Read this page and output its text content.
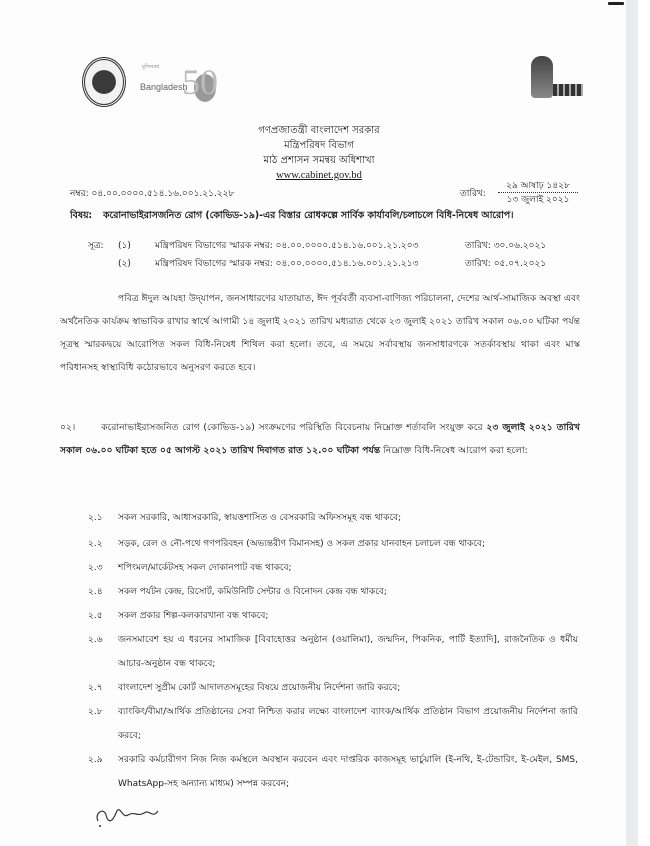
মুজিববর্ষ
Bangladesh
50
গণপ্রজাতন্ত্রী বাংলাদেশ সরকার
মন্ত্রিপরিষদ বিভাগ
মাঠ প্রশাসন সমন্বয় অধিশাখা
www.cabinet.gov.bd
নম্বর: ০৪.০০.০০০০.৫১৪.১৬.০০১.২১.২২৮	তারিখ:
২৯ আষাঢ় ১৪২৮
১৩ জুলাই ২০২১
বিষয়: করোনাভাইরাসজনিত রোগ (কোভিড-১৯)-এর বিস্তার রোধকল্পে সার্বিক কার্যাবলি/চলাচলে বিধি-নিষেধ আরোপ।
সূত্র: (১)	মন্ত্রিপরিষদ বিভাগের স্মারক নম্বর: ০৪.০০.০০০০.৫১৪.১৬.০০১.২১.২০৩	তারিখ: ৩০.০৬.২০২১
(২)	মন্ত্রিপরিষদ বিভাগের স্মারক নম্বর: ০৪.০০.০০০০.৫১৪.১৬.০০১.২১.২১৩	তারিখ: ০৫.০৭.২০২১
পবিত্র ঈদুল আযহা উদ্‌যাপন, জনসাধারণের যাতায়াত, ঈদ পূর্ববর্তী ব্যবসা-বাণিজ্য পরিচালনা, দেশের আর্থ-সামাজিক অবস্থা এবং অর্থনৈতিক কার্যক্রম স্বাভাবিক রাখার স্বার্থে আগামী ১৪ জুলাই ২০২১ তারিখ মধ্যরাত থেকে ২৩ জুলাই ২০২১ তারিখ সকাল ০৬.০০ ঘটিকা পর্যন্ত সূত্রস্থ স্মারকদ্বয়ে আরোপিত সকল বিধি-নিষেধ শিথিল করা হলো। তবে, এ সময়ে সর্বাবস্থায় জনসাধারণকে সতর্কাবস্থায় থাকা এবং মাস্ক পরিধানসহ স্বাস্থ্যবিধি কঠোরভাবে অনুসরণ করতে হবে।
০২।	করোনাভাইরাসজনিত রোগ (কোভিড-১৯) সংক্রমণের পরিস্থিতি বিবেচনায় নিম্নোক্ত শর্তাবলি সংযুক্ত করে ২৩ জুলাই ২০২১ তারিখ সকাল ০৬.০০ ঘটিকা হতে ০৫ আগস্ট ২০২১ তারিখ দিবাগত রাত ১২.০০ ঘটিকা পর্যন্ত নিম্নোক্ত বিধি-নিষেধ আরোপ করা হলো:
২.১ সকল সরকারি, আধাসরকারি, স্বায়ত্তশাসিত ও বেসরকারি অফিসসমূহ বন্ধ থাকবে;
২.২ সড়ক, রেল ও নৌ-পথে গণপরিবহন (অভ্যন্তরীণ বিমানসহ) ও সকল প্রকার যানবাহন চলাচল বন্ধ থাকবে;
২.৩ শপিংমল/মার্কেটসহ সকল দোকানপাট বন্ধ থাকবে;
২.৪ সকল পর্যটন কেন্দ্র, রিসোর্ট, কমিউনিটি সেন্টার ও বিনোদন কেন্দ্র বন্ধ থাকবে;
২.৫ সকল প্রকার শিল্প-কলকারখানা বন্ধ থাকবে;
২.৬ জনসমাবেশ হয় এ ধরনের সামাজিক [বিবাহোত্তর অনুষ্ঠান (ওয়ালিমা), জন্মদিন, পিকনিক, পার্টি ইত্যাদি], রাজনৈতিক ও ধর্মীয় আচার-অনুষ্ঠান বন্ধ থাকবে;
২.৭ বাংলাদেশ সুপ্রীম কোর্ট আদালতসমূহের বিষয়ে প্রয়োজনীয় নির্দেশনা জারি করবে;
২.৮ ব্যাংকিং/বীমা/আর্থিক প্রতিষ্ঠানের সেবা নিশ্চিত করার লক্ষ্যে বাংলাদেশ ব্যাংক/আর্থিক প্রতিষ্ঠান বিভাগ প্রয়োজনীয় নির্দেশনা জারি করবে;
২.৯ সরকারি কর্মচারীগণ নিজ নিজ কর্মস্থলে অবস্থান করবেন এবং দাপ্তরিক কাজসমূহ ভার্চুয়ালি (ই-নথি, ই-টেন্ডারিং, ই-মেইল, SMS, WhatsApp-সহ অন্যান্য মাধ্যম) সম্পন্ন করবেন;
